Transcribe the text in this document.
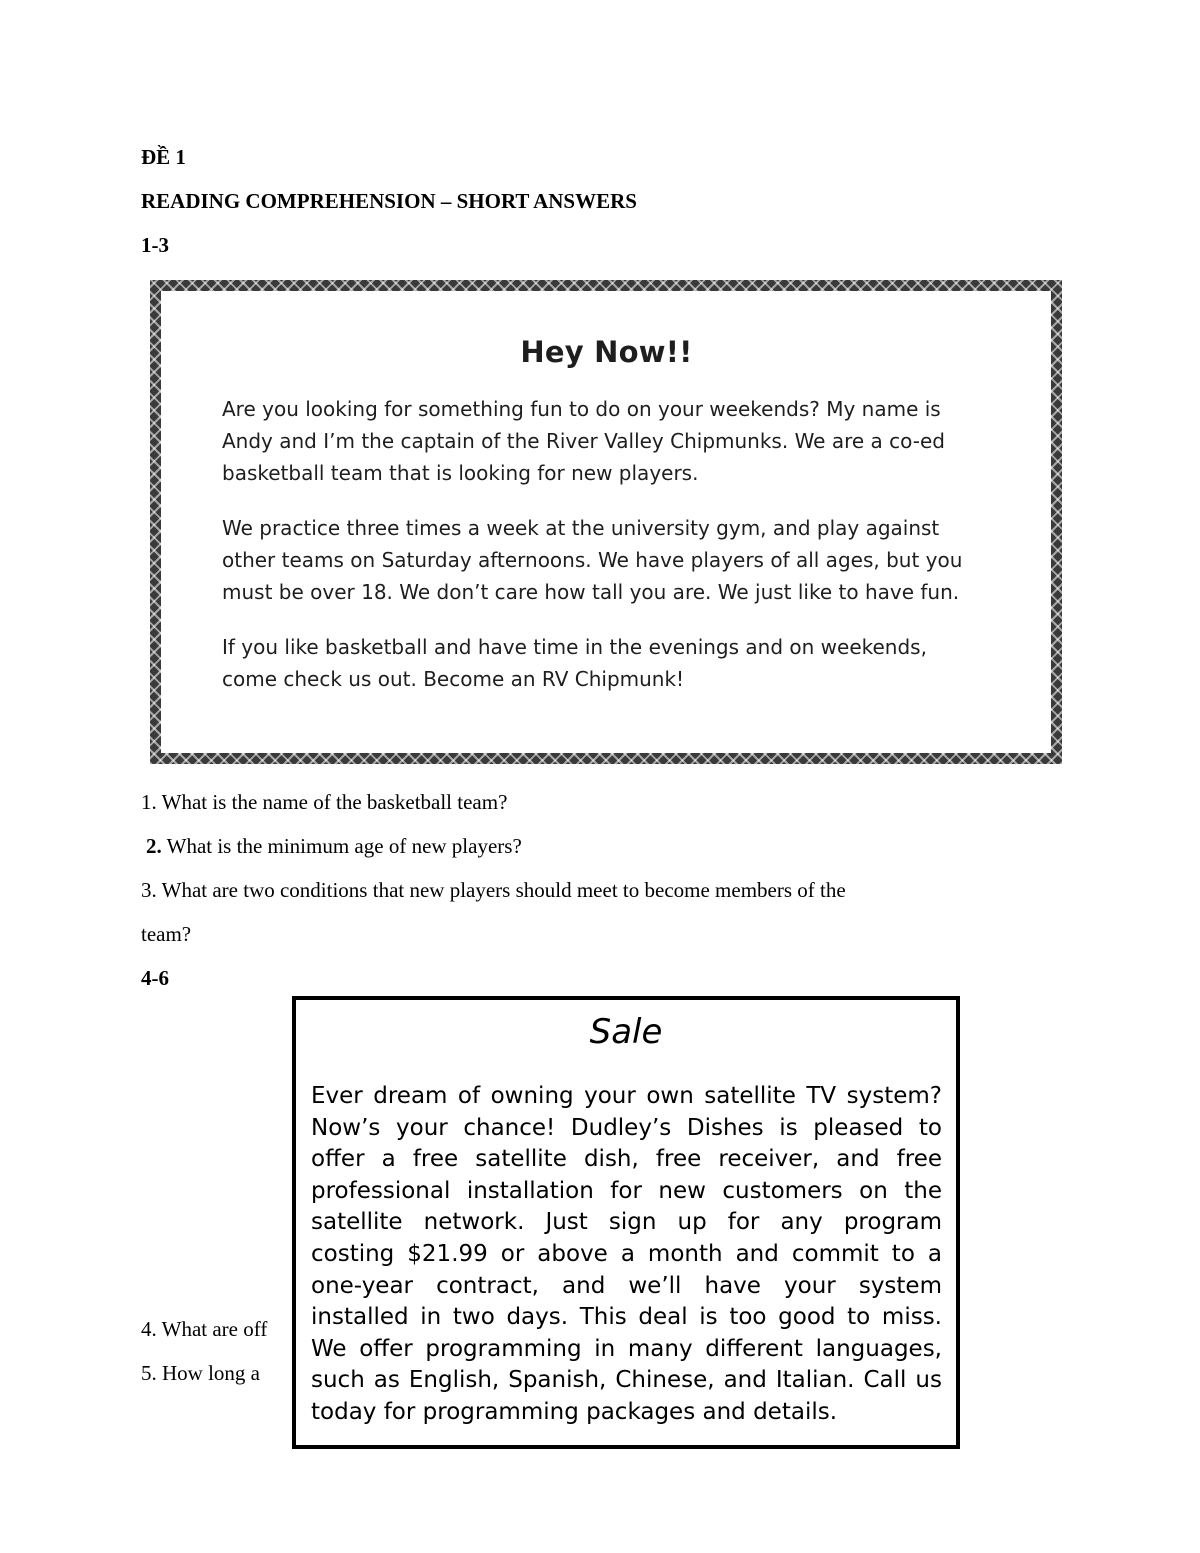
ĐỀ 1
READING COMPREHENSION – SHORT ANSWERS
1-3
Hey Now!!
Are you looking for something fun to do on your weekends? My name is
Andy and I’m the captain of the River Valley Chipmunks. We are a co-ed
basketball team that is looking for new players.
We practice three times a week at the university gym, and play against
other teams on Saturday afternoons. We have players of all ages, but you
must be over 18. We don’t care how tall you are. We just like to have fun.
If you like basketball and have time in the evenings and on weekends,
come check us out. Become an RV Chipmunk!
1. What is the name of the basketball team?
2. What is the minimum age of new players?
3. What are two conditions that new players should meet to become members of the
team?
4-6
4. What are off
5. How long a
Sale
Ever dream of owning your own satellite TV system?
Now’s your chance! Dudley’s Dishes is pleased to
offer a free satellite dish, free receiver, and free
professional installation for new customers on the
satellite network. Just sign up for any program
costing $21.99 or above a month and commit to a
one-year contract, and we’ll have your system
installed in two days. This deal is too good to miss.
We offer programming in many different languages,
such as English, Spanish, Chinese, and Italian. Call us
today for programming packages and details.
